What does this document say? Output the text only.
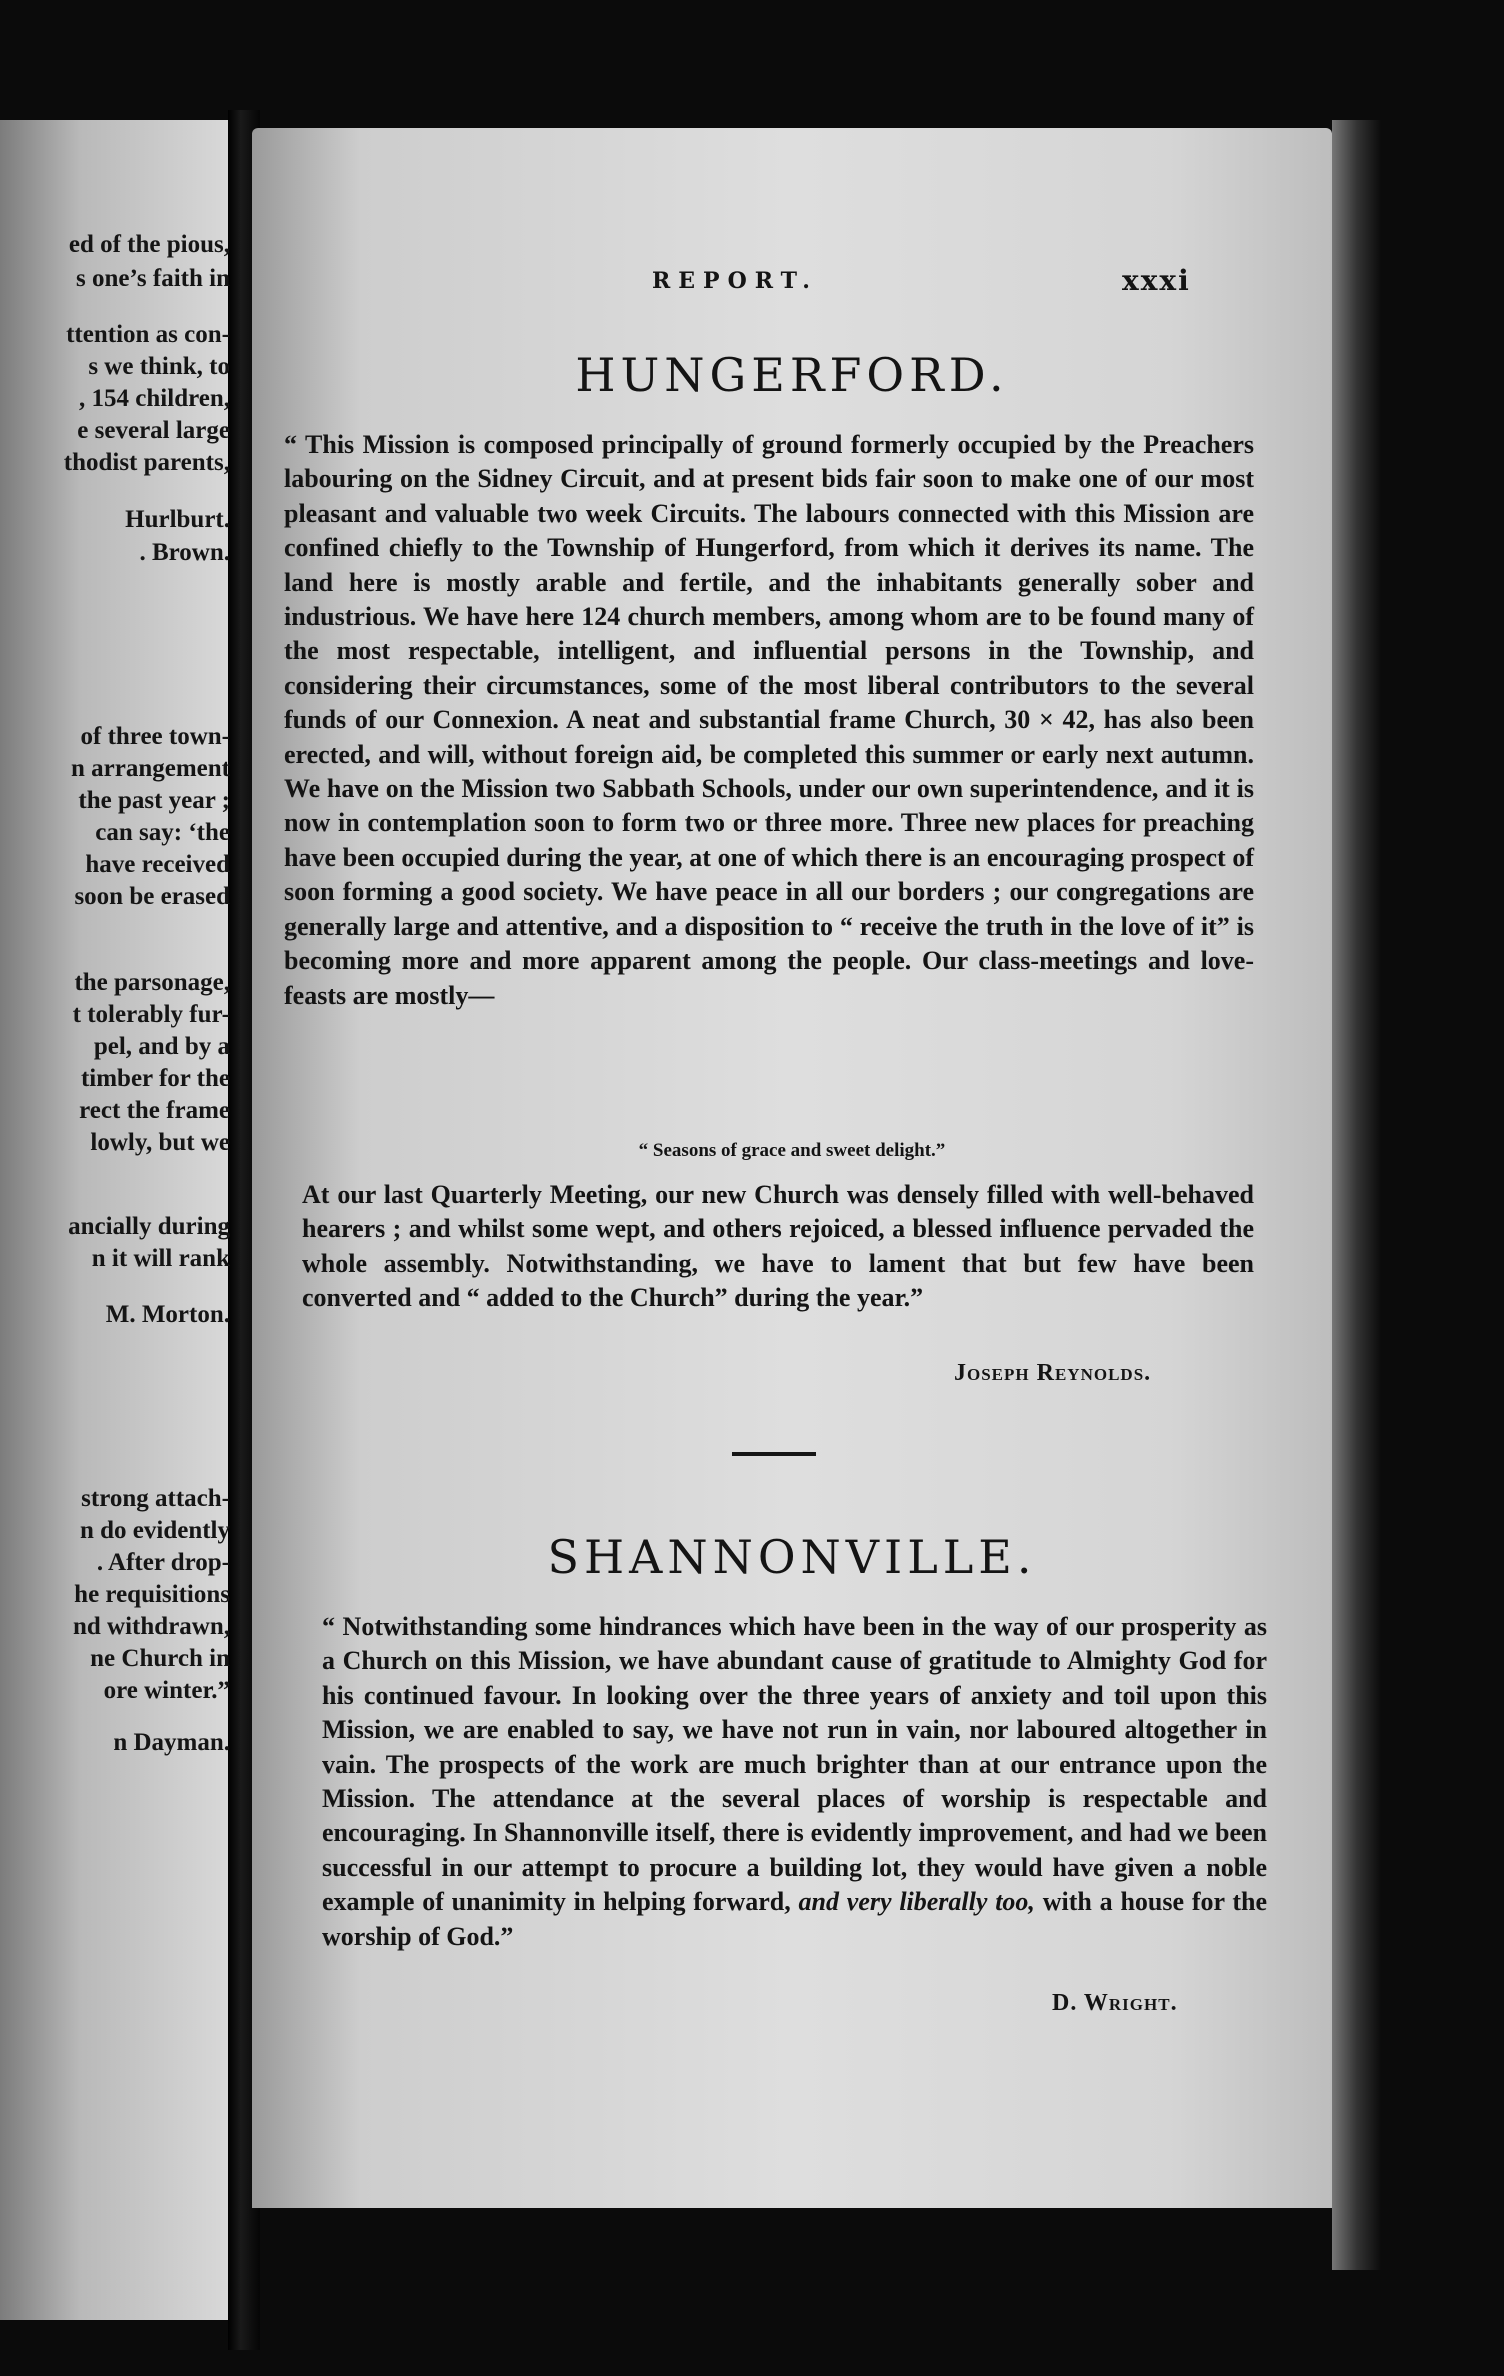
ed of the pious,
s one’s faith in
ttention as con-
s we think, to
, 154 children,
e several large
thodist parents,
Hurlburt.
. Brown.
of three town-
n arrangement
the past year ;
can say: ‘the
have received
soon be erased
the parsonage,
t tolerably fur-
pel, and by a
timber for the
rect the frame
lowly, but we
ancially during
n it will rank
M. Morton.
strong attach-
n do evidently
. After drop-
he requisitions
nd withdrawn,
ne Church in
ore winter.”
n Dayman.
REPORT.	xxxi
HUNGERFORD.

“ This Mission is composed principally of ground formerly occupied by the Preachers labouring on the Sidney Circuit, and at present bids fair soon to make one of our most pleasant and valuable two week Circuits. The labours connected with this Mission are confined chiefly to the Township of Hungerford, from which it derives its name. The land here is mostly arable and fertile, and the inhabitants generally sober and industrious. We have here 124 church members, among whom are to be found many of the most respectable, intelligent, and influential persons in the Township, and considering their circumstances, some of the most liberal contributors to the several funds of our Connexion. A neat and substantial frame Church, 30 × 42, has also been erected, and will, without foreign aid, be completed this summer or early next autumn. We have on the Mission two Sabbath Schools, under our own superintendence, and it is now in contemplation soon to form two or three more. Three new places for preaching have been occupied during the year, at one of which there is an encouraging prospect of soon forming a good society. We have peace in all our borders ; our congregations are generally large and attentive, and a disposition to “ receive the truth in the love of it” is becoming more and more apparent among the people. Our class-meetings and love-feasts are mostly—

“ Seasons of grace and sweet delight.”

At our last Quarterly Meeting, our new Church was densely filled with well-behaved hearers ; and whilst some wept, and others rejoiced, a blessed influence pervaded the whole assembly. Notwithstanding, we have to lament that but few have been converted and “ added to the Church” during the year.”

Joseph Reynolds.
SHANNONVILLE.

“ Notwithstanding some hindrances which have been in the way of our prosperity as a Church on this Mission, we have abundant cause of gratitude to Almighty God for his continued favour. In looking over the three years of anxiety and toil upon this Mission, we are enabled to say, we have not run in vain, nor laboured altogether in vain. The prospects of the work are much brighter than at our entrance upon the Mission. The attendance at the several places of worship is respectable and encouraging. In Shannonville itself, there is evidently improvement, and had we been successful in our attempt to procure a building lot, they would have given a noble example of unanimity in helping forward, and very liberally too, with a house for the worship of God.”

D. Wright.
